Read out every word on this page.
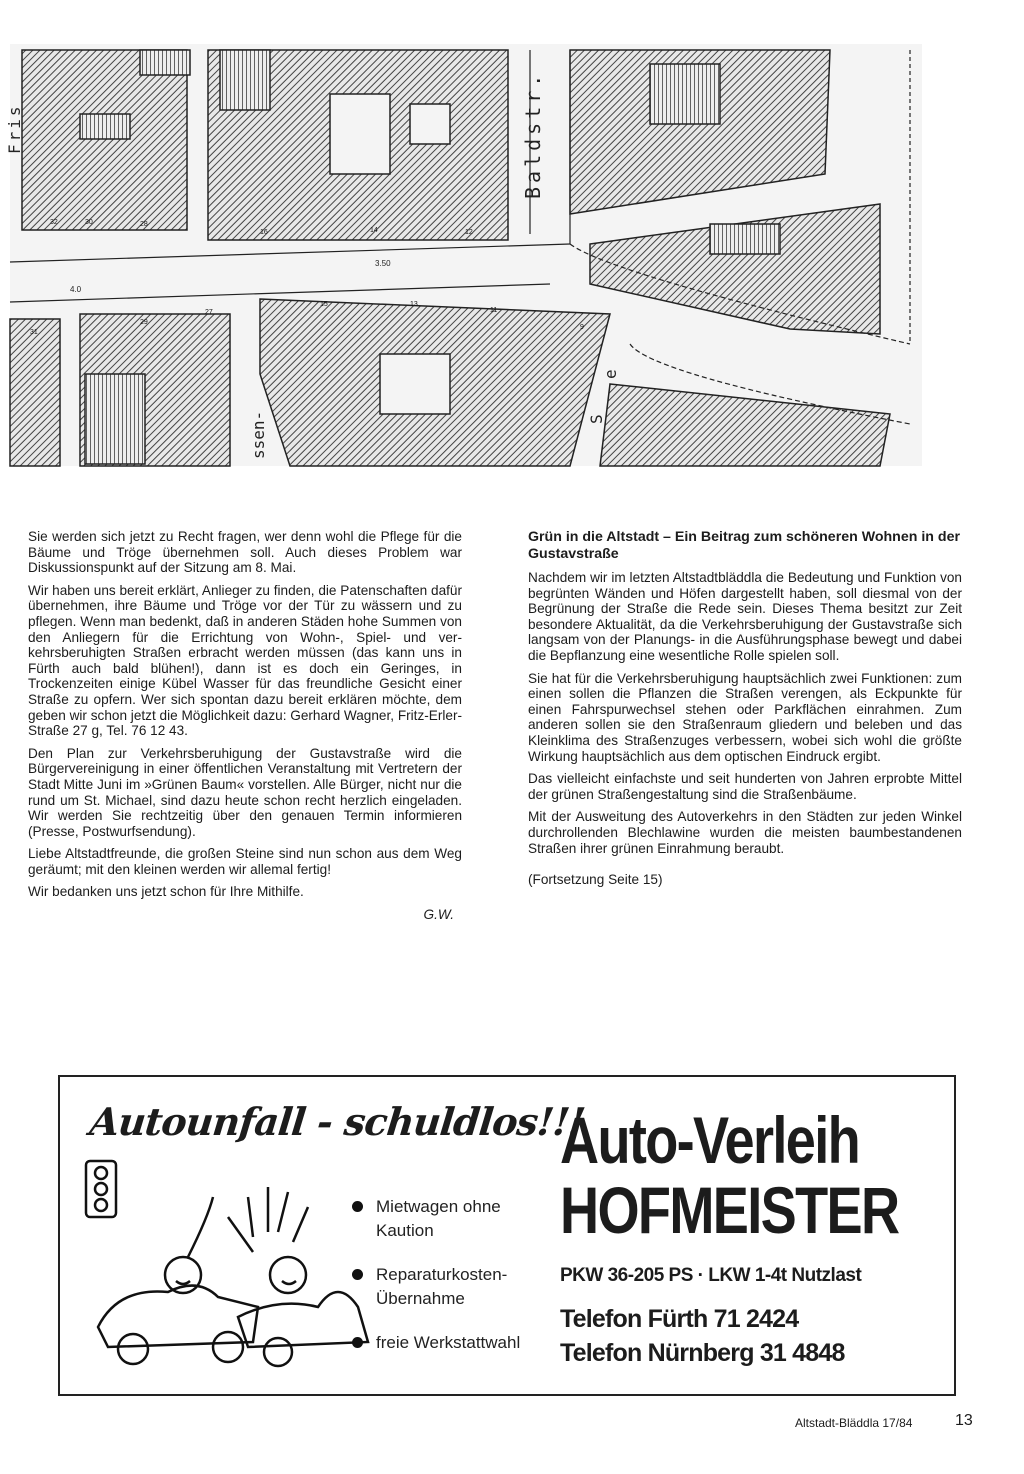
Baldstr.
Fris
ssen-	S
e
3.50
4.0
32	30	28
16	14	12
31
29
27
15	13
11
9

Sie werden sich jetzt zu Recht fragen, wer denn wohl die Pflege für die Bäume und Tröge übernehmen soll. Auch dieses Problem war Diskussionspunkt auf der Sitzung am 8. Mai.

Wir haben uns bereit erklärt, Anlieger zu finden, die Patenschaften dafür übernehmen, ihre Bäume und Tröge vor der Tür zu wässern und zu pflegen. Wenn man bedenkt, daß in anderen Städen hohe Summen von den Anliegern für die Errichtung von Wohn-, Spiel- und verkehrsberuhigten Straßen erbracht werden müssen (das kann uns in Fürth auch bald blühen!), dann ist es doch ein Geringes, in Trockenzeiten einige Kübel Wasser für das freundliche Gesicht einer Straße zu opfern. Wer sich spontan dazu bereit erklären möchte, dem geben wir schon jetzt die Möglichkeit dazu: Gerhard Wagner, Fritz-Erler-Straße 27 g, Tel. 76 12 43.

Den Plan zur Verkehrsberuhigung der Gustavstraße wird die Bürgervereinigung in einer öffentlichen Veranstaltung mit Vertretern der Stadt Mitte Juni im »Grünen Baum« vorstellen. Alle Bürger, nicht nur die rund um St. Michael, sind dazu heute schon recht herzlich eingeladen. Wir werden Sie rechtzeitig über den genauen Termin informieren (Presse, Postwurfsendung).

Liebe Altstadtfreunde, die großen Steine sind nun schon aus dem Weg geräumt; mit den kleinen werden wir allemal fertig!

Wir bedanken uns jetzt schon für Ihre Mithilfe.

G.W.

Grün in die Altstadt – Ein Beitrag zum schöneren Wohnen in der Gustavstraße

Nachdem wir im letzten Altstadtbläddla die Bedeutung und Funktion von begrünten Wänden und Höfen dargestellt haben, soll diesmal von der Begrünung der Straße die Rede sein. Dieses Thema besitzt zur Zeit besondere Aktualität, da die Verkehrsberuhigung der Gustavstraße sich langsam von der Planungs- in die Ausführungsphase bewegt und dabei die Bepflanzung eine wesentliche Rolle spielen soll.

Sie hat für die Verkehrsberuhigung hauptsächlich zwei Funktionen: zum einen sollen die Pflanzen die Straßen verengen, als Eckpunkte für einen Fahrspurwechsel stehen oder Parkflächen einrahmen. Zum anderen sollen sie den Straßenraum gliedern und beleben und das Kleinklima des Straßenzuges verbessern, wobei sich wohl die größte Wirkung hauptsächlich aus dem optischen Eindruck ergibt.

Das vielleicht einfachste und seit hunderten von Jahren erprobte Mittel der grünen Straßengestaltung sind die Straßenbäume.

Mit der Ausweitung des Autoverkehrs in den Städten zur jeden Winkel durchrollenden Blechlawine wurden die meisten baumbestandenen Straßen ihrer grünen Einrahmung beraubt.

(Fortsetzung Seite 15)

Autounfall - schuldlos!!!
Mietwagen ohne Kaution
Reparaturkosten-Übernahme
freie Werkstattwahl
Auto-Verleih
HOFMEISTER
PKW 36-205 PS · LKW 1-4t Nutzlast
Telefon Fürth 71 2424
Telefon Nürnberg 31 4848
Altstadt-Bläddla 17/84	13
